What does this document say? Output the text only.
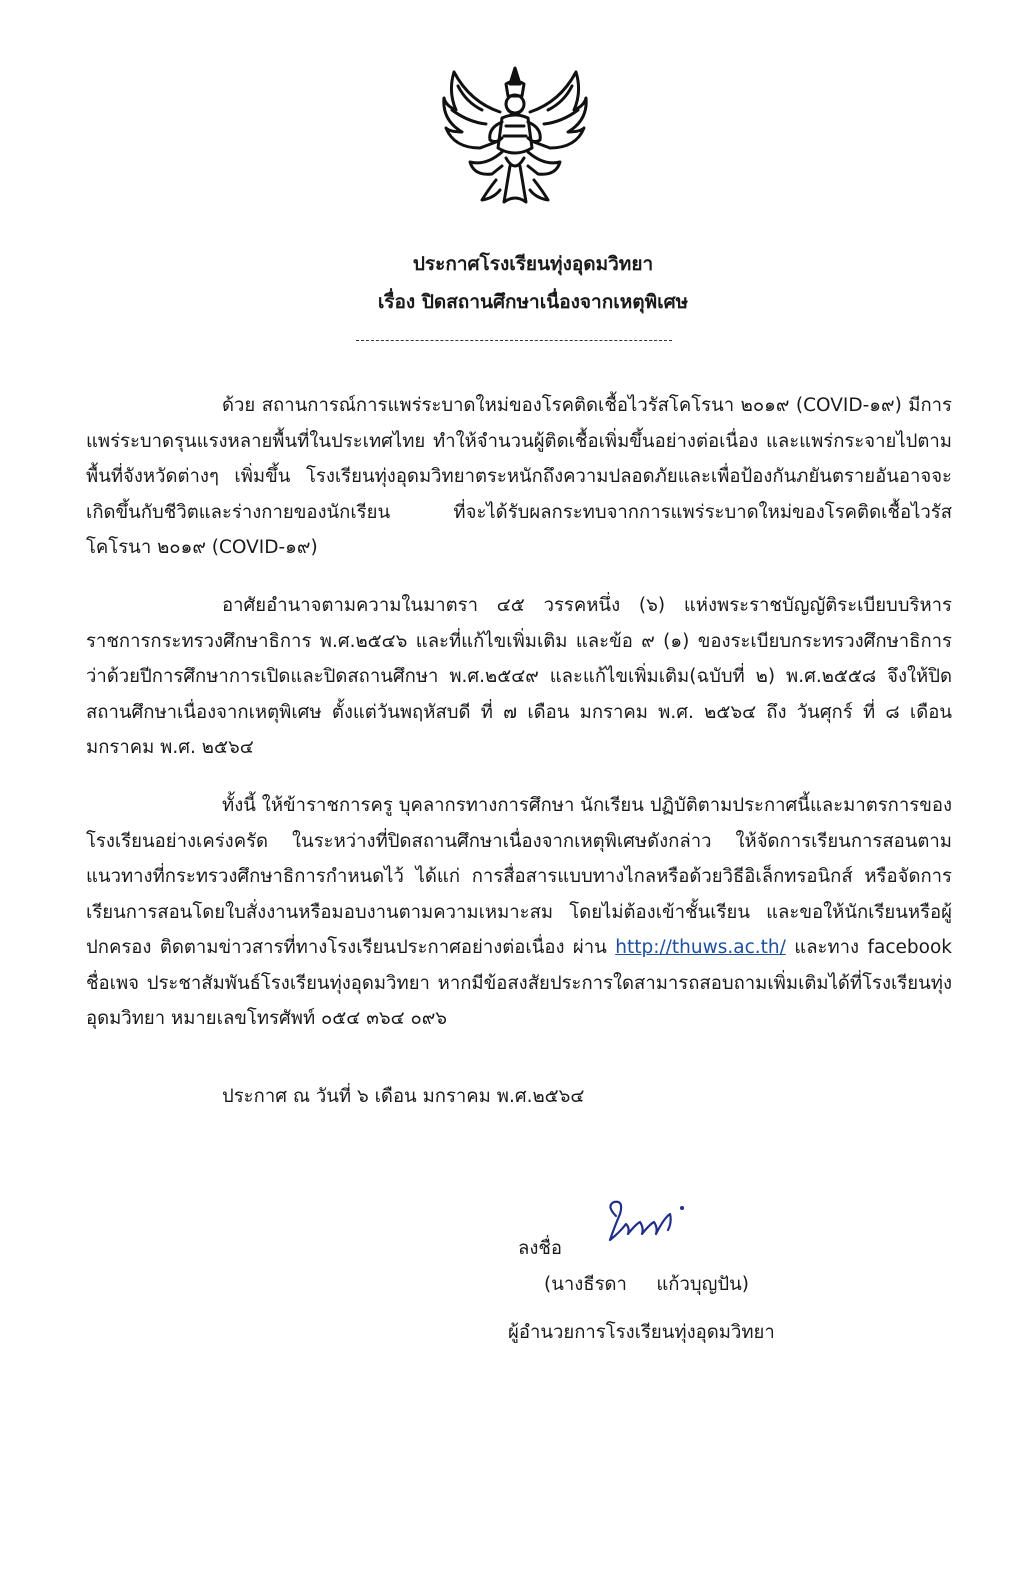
ประกาศโรงเรียนทุ่งอุดมวิทยา
เรื่อง ปิดสถานศึกษาเนื่องจากเหตุพิเศษ

ด้วย สถานการณ์การแพร่ระบาดใหม่ของโรคติดเชื้อไวรัสโคโรนา ๒๐๑๙ (COVID-๑๙) มีการแพร่ระบาดรุนแรงหลายพื้นที่ในประเทศไทย ทำให้จำนวนผู้ติดเชื้อเพิ่มขึ้นอย่างต่อเนื่อง และแพร่กระจายไปตามพื้นที่จังหวัดต่างๆ เพิ่มขึ้น โรงเรียนทุ่งอุดมวิทยาตระหนักถึงความปลอดภัยและเพื่อป้องกันภยันตรายอันอาจจะเกิดขึ้นกับชีวิตและร่างกายของนักเรียน ที่จะได้รับผลกระทบจากการแพร่ระบาดใหม่ของโรคติดเชื้อไวรัสโคโรนา ๒๐๑๙ (COVID-๑๙)

อาศัยอำนาจตามความในมาตรา ๔๕ วรรคหนึ่ง (๖) แห่งพระราชบัญญัติระเบียบบริหารราชการกระทรวงศึกษาธิการ พ.ศ.๒๕๔๖ และที่แก้ไขเพิ่มเติม และข้อ ๙ (๑) ของระเบียบกระทรวงศึกษาธิการว่าด้วยปีการศึกษาการเปิดและปิดสถานศึกษา พ.ศ.๒๕๔๙ และแก้ไขเพิ่มเติม(ฉบับที่ ๒) พ.ศ.๒๕๕๘ จึงให้ปิดสถานศึกษาเนื่องจากเหตุพิเศษ ตั้งแต่วันพฤหัสบดี ที่ ๗ เดือน มกราคม พ.ศ. ๒๕๖๔ ถึง วันศุกร์ ที่ ๘ เดือน มกราคม พ.ศ. ๒๕๖๔

ทั้งนี้ ให้ข้าราชการครู บุคลากรทางการศึกษา นักเรียน ปฏิบัติตามประกาศนี้และมาตรการของโรงเรียนอย่างเคร่งครัด ในระหว่างที่ปิดสถานศึกษาเนื่องจากเหตุพิเศษดังกล่าว ให้จัดการเรียนการสอนตามแนวทางที่กระทรวงศึกษาธิการกำหนดไว้ ได้แก่ การสื่อสารแบบทางไกลหรือด้วยวิธีอิเล็กทรอนิกส์ หรือจัดการเรียนการสอนโดยใบสั่งงานหรือมอบงานตามความเหมาะสม โดยไม่ต้องเข้าชั้นเรียน และขอให้นักเรียนหรือผู้ปกครอง ติดตามข่าวสารที่ทางโรงเรียนประกาศอย่างต่อเนื่อง ผ่าน http://thuws.ac.th/ และทาง facebook ชื่อเพจ ประชาสัมพันธ์โรงเรียนทุ่งอุดมวิทยา หากมีข้อสงสัยประการใดสามารถสอบถามเพิ่มเติมได้ที่โรงเรียนทุ่งอุดมวิทยา หมายเลขโทรศัพท์ ๐๕๔ ๓๖๔ ๐๙๖

ประกาศ ณ วันที่ ๖ เดือน มกราคม พ.ศ.๒๕๖๔
ลงชื่อ
(นางธีรดา     แก้วบุญปัน)
ผู้อำนวยการโรงเรียนทุ่งอุดมวิทยา
